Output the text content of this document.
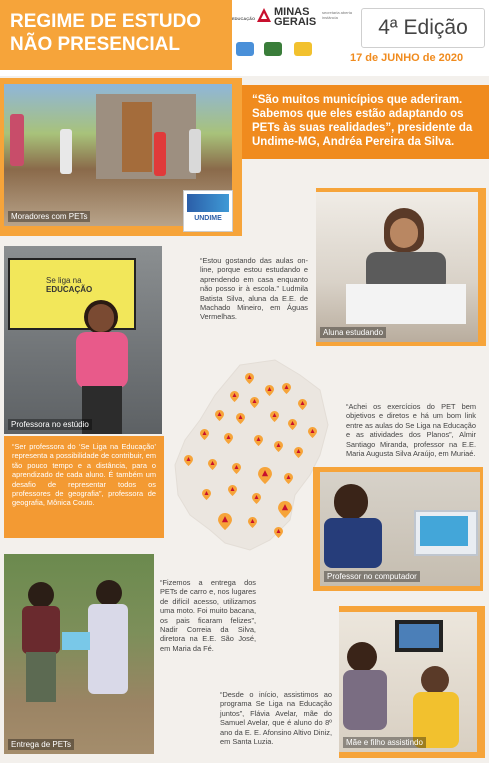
REGIME DE ESTUDO
NÃO PRESENCIAL
EDUCAÇÃO
MINAS
GERAIS
secretaria aberta instância	4ª Edição
17 de JUNHO de 2020
Moradores com PETs	UNDIME
“São muitos municípios que aderiram. Sabemos que eles estão adaptando os PETs às suas realidades”, presidente da Undime-MG, Andréa Pereira da Silva.
Aluna estudando
“Estou gostando das aulas on-line, porque estou estudando e aprendendo em casa enquanto não posso ir à escola.” Ludmila Batista Silva, aluna da E.E. de Machado Mineiro, em Águas Vermelhas.
Se liga na
EDUCAÇÃO
Professora no estúdio
“Ser professora do ‘Se Liga na Educação’ representa a possibilidade de contribuir, em tão pouco tempo e a distância, para o aprendizado de cada aluno. É também um desafio de representar todos os professores de geografia”, professora de geografia, Mônica Couto.
“Achei os exercícios do PET bem objetivos e diretos e há um bom link entre as aulas do Se Liga na Educação e as atividades dos Planos”, Almir Santiago Miranda, professor na E.E. Maria Augusta Silva Araújo, em Muriaé.
Professor no computador
Entrega de PETs
“Fizemos a entrega dos PETs de carro e, nos lugares de difícil acesso, utilizamos uma moto. Foi muito bacana, os pais ficaram felizes”, Nadir Correia da Silva, diretora na E.E. São José, em Maria da Fé.
Mãe e filho assistindo
“Desde o início, assistimos ao programa Se Liga na Educação juntos”, Flávia Avelar, mãe do Samuel Avelar, que é aluno do 8º ano da E. E. Afonsino Altivo Diniz, em Santa Luzia.
